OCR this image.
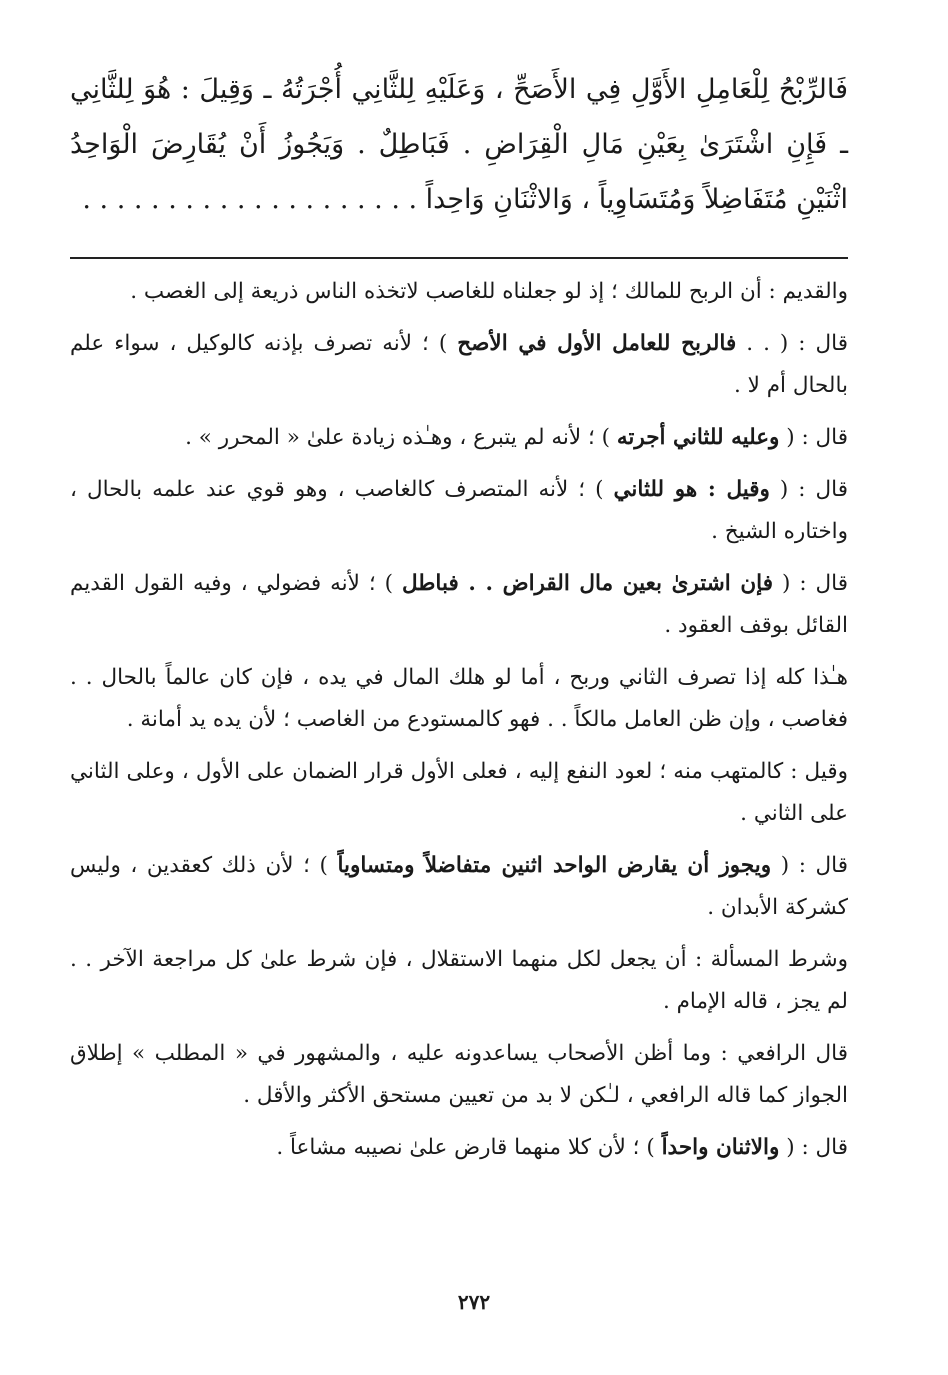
فَالرِّبْحُ لِلْعَامِلِ الأَوَّلِ فِي الأَصَحِّ ، وَعَلَيْهِ لِلثَّانِي أُجْرَتُهُ ـ وَقِيلَ : هُوَ لِلثَّانِي ـ فَإِنِ اشْتَرَىٰ بِعَيْنِ مَالِ الْقِرَاضِ . فَبَاطِلٌ . وَيَجُوزُ أَنْ يُقَارِضَ الْوَاحِدُ اثْنَيْنِ مُتَفَاضِلاً وَمُتَسَاوِياً ، وَالاثْنَانِ وَاحِداً . . . . . . . . . . . . . . . . . . . .

والقديم : أن الربح للمالك ؛ إذ لو جعلناه للغاصب لاتخذه الناس ذريعة إلى الغصب .

قال : ( . . فالربح للعامل الأول في الأصح ) ؛ لأنه تصرف بإذنه كالوكيل ، سواء علم بالحال أم لا .

قال : ( وعليه للثاني أجرته ) ؛ لأنه لم يتبرع ، وهـٰذه زيادة علىٰ « المحرر » .

قال : ( وقيل : هو للثاني ) ؛ لأنه المتصرف كالغاصب ، وهو قوي عند علمه بالحال ، واختاره الشيخ .

قال : ( فإن اشترىٰ بعين مال القراض . . فباطل ) ؛ لأنه فضولي ، وفيه القول القديم القائل بوقف العقود .

هـٰذا كله إذا تصرف الثاني وربح ، أما لو هلك المال في يده ، فإن كان عالماً بالحال . . فغاصب ، وإن ظن العامل مالكاً . . فهو كالمستودع من الغاصب ؛ لأن يده يد أمانة .

وقيل : كالمتهب منه ؛ لعود النفع إليه ، فعلى الأول قرار الضمان على الأول ، وعلى الثاني على الثاني .

قال : ( ويجوز أن يقارض الواحد اثنين متفاضلاً ومتساوياً ) ؛ لأن ذلك كعقدين ، وليس كشركة الأبدان .

وشرط المسألة : أن يجعل لكل منهما الاستقلال ، فإن شرط علىٰ كل مراجعة الآخر . . لم يجز ، قاله الإمام .

قال الرافعي : وما أظن الأصحاب يساعدونه عليه ، والمشهور في « المطلب » إطلاق الجواز كما قاله الرافعي ، لـٰكن لا بد من تعيين مستحق الأكثر والأقل .

قال : ( والاثنان واحداً ) ؛ لأن كلا منهما قارض علىٰ نصيبه مشاعاً .

٢٧٢
